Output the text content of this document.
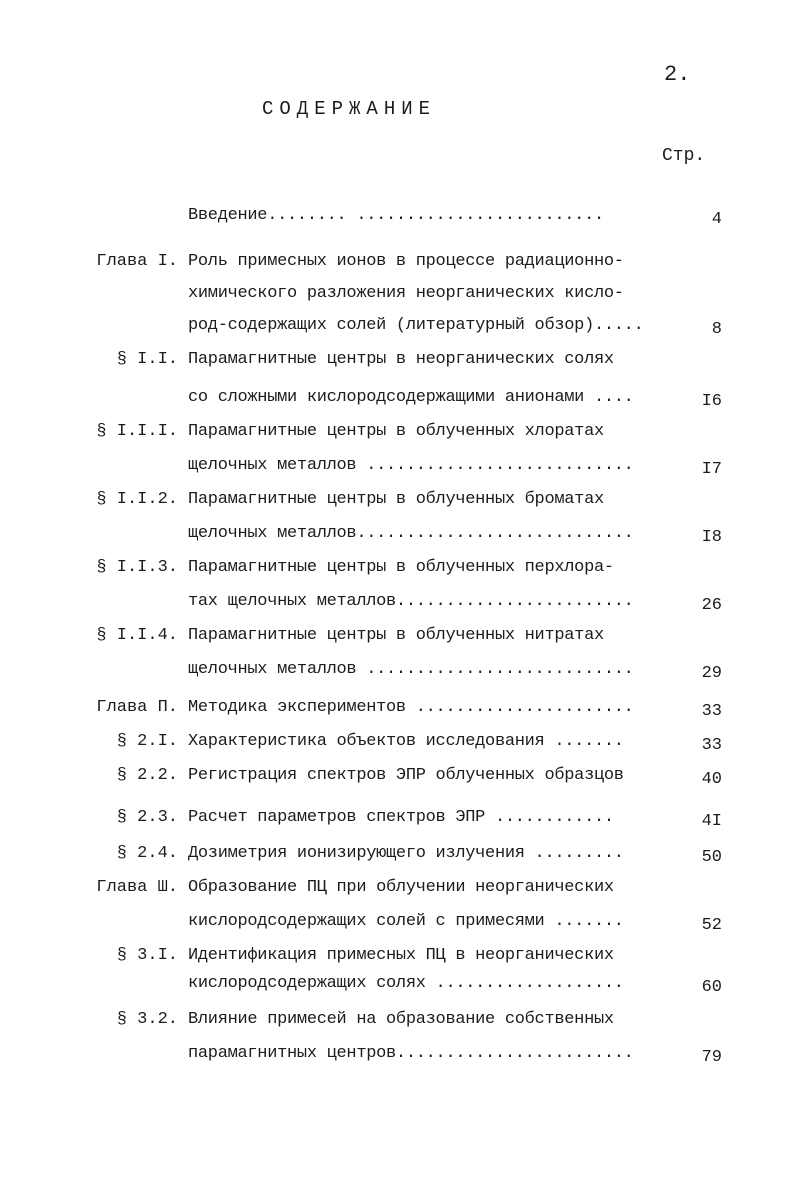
2.
СОДЕРЖАНИЕ
Стр.
Введение........ .........................	4
Глава I. Роль примесных ионов в процессе радиационно-
химического разложения неорганических кисло-
род-содержащих солей (литературный обзор).....	8
§ I.I. Парамагнитные центры в неорганических солях
со сложными кислородсодержащими анионами ....	I6
§ I.I.I. Парамагнитные центры в облученных хлоратах
щелочных металлов ...........................	I7
§ I.I.2. Парамагнитные центры в облученных броматах
щелочных металлов............................	I8
§ I.I.3. Парамагнитные центры в облученных перхлора-
тах щелочных металлов........................	26
§ I.I.4. Парамагнитные центры в облученных нитратах
щелочных металлов ...........................	29
Глава П. Методика экспериментов ......................	33
§ 2.I. Характеристика объектов исследования .......	33
§ 2.2. Регистрация спектров ЭПР облученных образцов	40
§ 2.3. Расчет параметров спектров ЭПР ............	4I
§ 2.4. Дозиметрия ионизирующего излучения .........	50
Глава Ш. Образование ПЦ при облучении неорганических
кислородсодержащих солей с примесями .......	52
§ 3.I. Идентификация примесных ПЦ в неорганических
кислородсодержащих солях ...................	60
§ 3.2. Влияние примесей на образование собственных
парамагнитных центров........................	79
